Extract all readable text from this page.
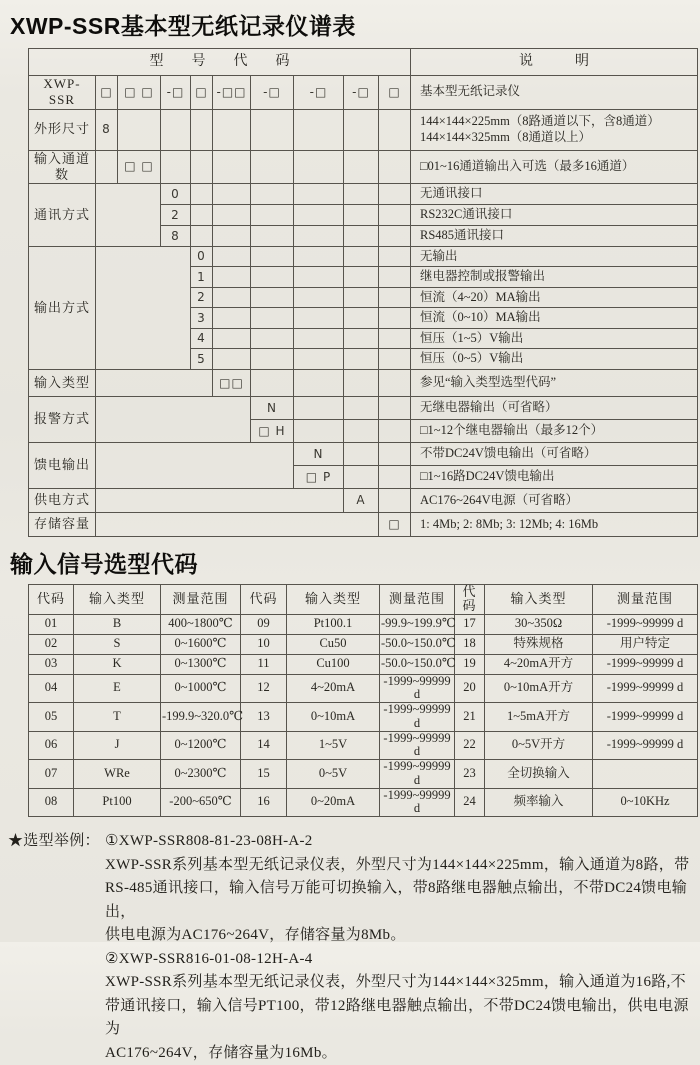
XWP-SSR基本型无纸记录仪谱表
型　　号　　代　　码										说　　　明
XWP-SSR	□	□ □	-□	□	-□□	-□	-□	-□	□	基本型无纸记录仪
外形尺寸	8									144×144×225mm（8路通道以下，含8通道）
144×144×325mm（8通道以上）

输入通道数		□ □								□01~16通道输出入可选（最多16通道）
通讯方式			0							无通讯接口
			2							RS232C通讯接口
			8							RS485通讯接口
输出方式				0						无输出
				1						继电器控制或报警输出
				2						恒流（4~20）MA输出
				3						恒流（0~10）MA输出
				4						恒压（1~5）V输出
				5						恒压（0~5）V输出
输入类型					□□					参见“输入类型选型代码”
报警方式						N				无继电器输出（可省略）
						□ H				□1~12个继电器输出（最多12个）
馈电输出							N			不带DC24V馈电输出（可省略）
							□ P			□1~16路DC24V馈电输出
供电方式								A		AC176~264V电源（可省略）
存储容量									□	1: 4Mb; 2: 8Mb; 3: 12Mb; 4: 16Mb
输入信号选型代码
代码	输入类型	测量范围	代码	输入类型	测量范围	代码	输入类型	测量范围
01	B	400~1800℃	09	Pt100.1	-99.9~199.9℃	17	30~350Ω	-1999~99999 d
02	S	0~1600℃	10	Cu50	-50.0~150.0℃	18	特殊规格	用户特定
03	K	0~1300℃	11	Cu100	-50.0~150.0℃	19	4~20mA开方	-1999~99999 d
04	E	0~1000℃	12	4~20mA	-1999~99999 d	20	0~10mA开方	-1999~99999 d
05	T	-199.9~320.0℃	13	0~10mA	-1999~99999 d	21	1~5mA开方	-1999~99999 d
06	J	0~1200℃	14	1~5V	-1999~99999 d	22	0~5V开方	-1999~99999 d
07	WRe	0~2300℃	15	0~5V	-1999~99999 d	23	全切换输入	
08	Pt100	-200~650℃	16	0~20mA	-1999~99999 d	24	频率输入	0~10KHz
★选型举例： ①XWP-SSR808-81-23-08H-A-2
XWP-SSR系列基本型无纸记录仪表，外型尺寸为144×144×225mm，输入通道为8路，带
RS-485通讯接口，输入信号万能可切换输入，带8路继电器触点输出，不带DC24馈电输出，
供电电源为AC176~264V，存储容量为8Mb。
②XWP-SSR816-01-08-12H-A-4
XWP-SSR系列基本型无纸记录仪表，外型尺寸为144×144×325mm，输入通道为16路,不
带通讯接口，输入信号PT100，带12路继电器触点输出，不带DC24馈电输出，供电电源为
AC176~264V，存储容量为16Mb。
